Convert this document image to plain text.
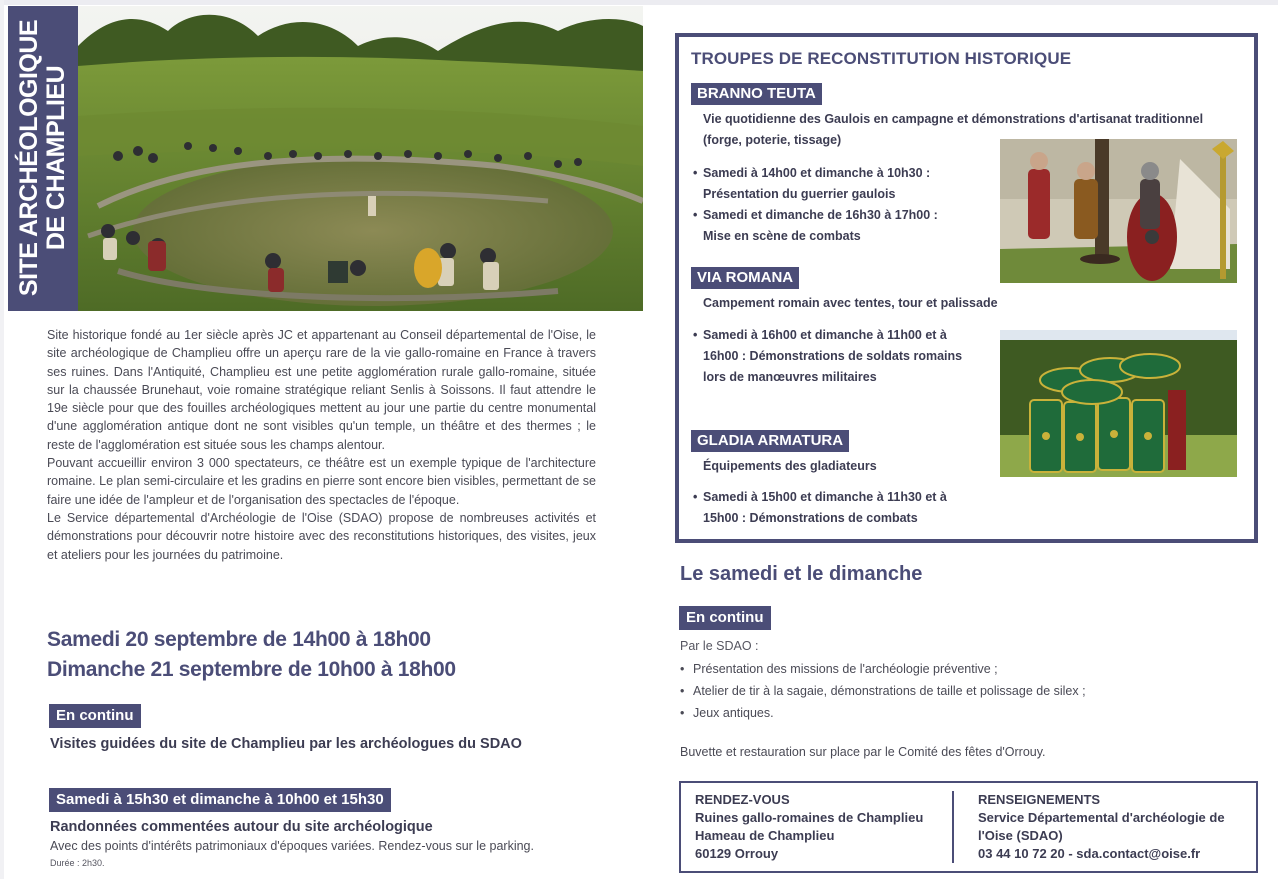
SITE ARCHÉOLOGIQUE DE CHAMPLIEU

Site historique fondé au 1er siècle après JC et appartenant au Conseil départemental de l'Oise, le site archéologique de Champlieu offre un aperçu rare de la vie gallo-romaine en France à travers ses ruines. Dans l'Antiquité, Champlieu est une petite agglomération rurale gallo-romaine, située sur la chaussée Brunehaut, voie romaine stratégique reliant Senlis à Soissons. Il faut attendre le 19e siècle pour que des fouilles archéologiques mettent au jour une partie du centre monumental d'une agglomération antique dont ne sont visibles qu'un temple, un théâtre et des thermes ; le reste de l'agglomération est située sous les champs alentour.

Pouvant accueillir environ 3 000 spectateurs, ce théâtre est un exemple typique de l'architecture romaine. Le plan semi-circulaire et les gradins en pierre sont encore bien visibles, permettant de se faire une idée de l'ampleur et de l'organisation des spectacles de l'époque.

Le Service départemental d'Archéologie de l'Oise (SDAO) propose de nombreuses activités et démonstrations pour découvrir notre histoire avec des reconstitutions historiques, des visites, jeux et ateliers pour les journées du patrimoine.

Samedi 20 septembre de 14h00 à 18h00
Dimanche 21 septembre de 10h00 à 18h00
En continu
Visites guidées du site de Champlieu par les archéologues du SDAO
Samedi à 15h30 et dimanche à 10h00 et 15h30
Randonnées commentées autour du site archéologique
Avec des points d'intérêts patrimoniaux d'époques variées. Rendez-vous sur le parking.
Durée : 2h30.
TROUPES DE RECONSTITUTION HISTORIQUE
BRANNO TEUTA
Vie quotidienne des Gaulois en campagne et démonstrations d'artisanat traditionnel (forge, poterie, tissage)
• Samedi à 14h00 et dimanche à 10h30 :
Présentation du guerrier gaulois
• Samedi et dimanche de 16h30 à 17h00 :
Mise en scène de combats
VIA ROMANA
Campement romain avec tentes, tour et palissade
• Samedi à 16h00 et dimanche à 11h00 et à
16h00 : Démonstrations de soldats romains
lors de manœuvres militaires
GLADIA ARMATURA
Équipements des gladiateurs
• Samedi à 15h00 et dimanche à 11h30 et à
15h00 : Démonstrations de combats
Le samedi et le dimanche
En continu
Par le SDAO :
• Présentation des missions de l'archéologie préventive ;
• Atelier de tir à la sagaie, démonstrations de taille et polissage de silex ;
• Jeux antiques.
Buvette et restauration sur place par le Comité des fêtes d'Orrouy.
RENDEZ-VOUS
Ruines gallo-romaines de Champlieu
Hameau de Champlieu
60129 Orrouy
RENSEIGNEMENTS
Service Départemental d'archéologie de
l'Oise (SDAO)
03 44 10 72 20 - sda.contact@oise.fr
